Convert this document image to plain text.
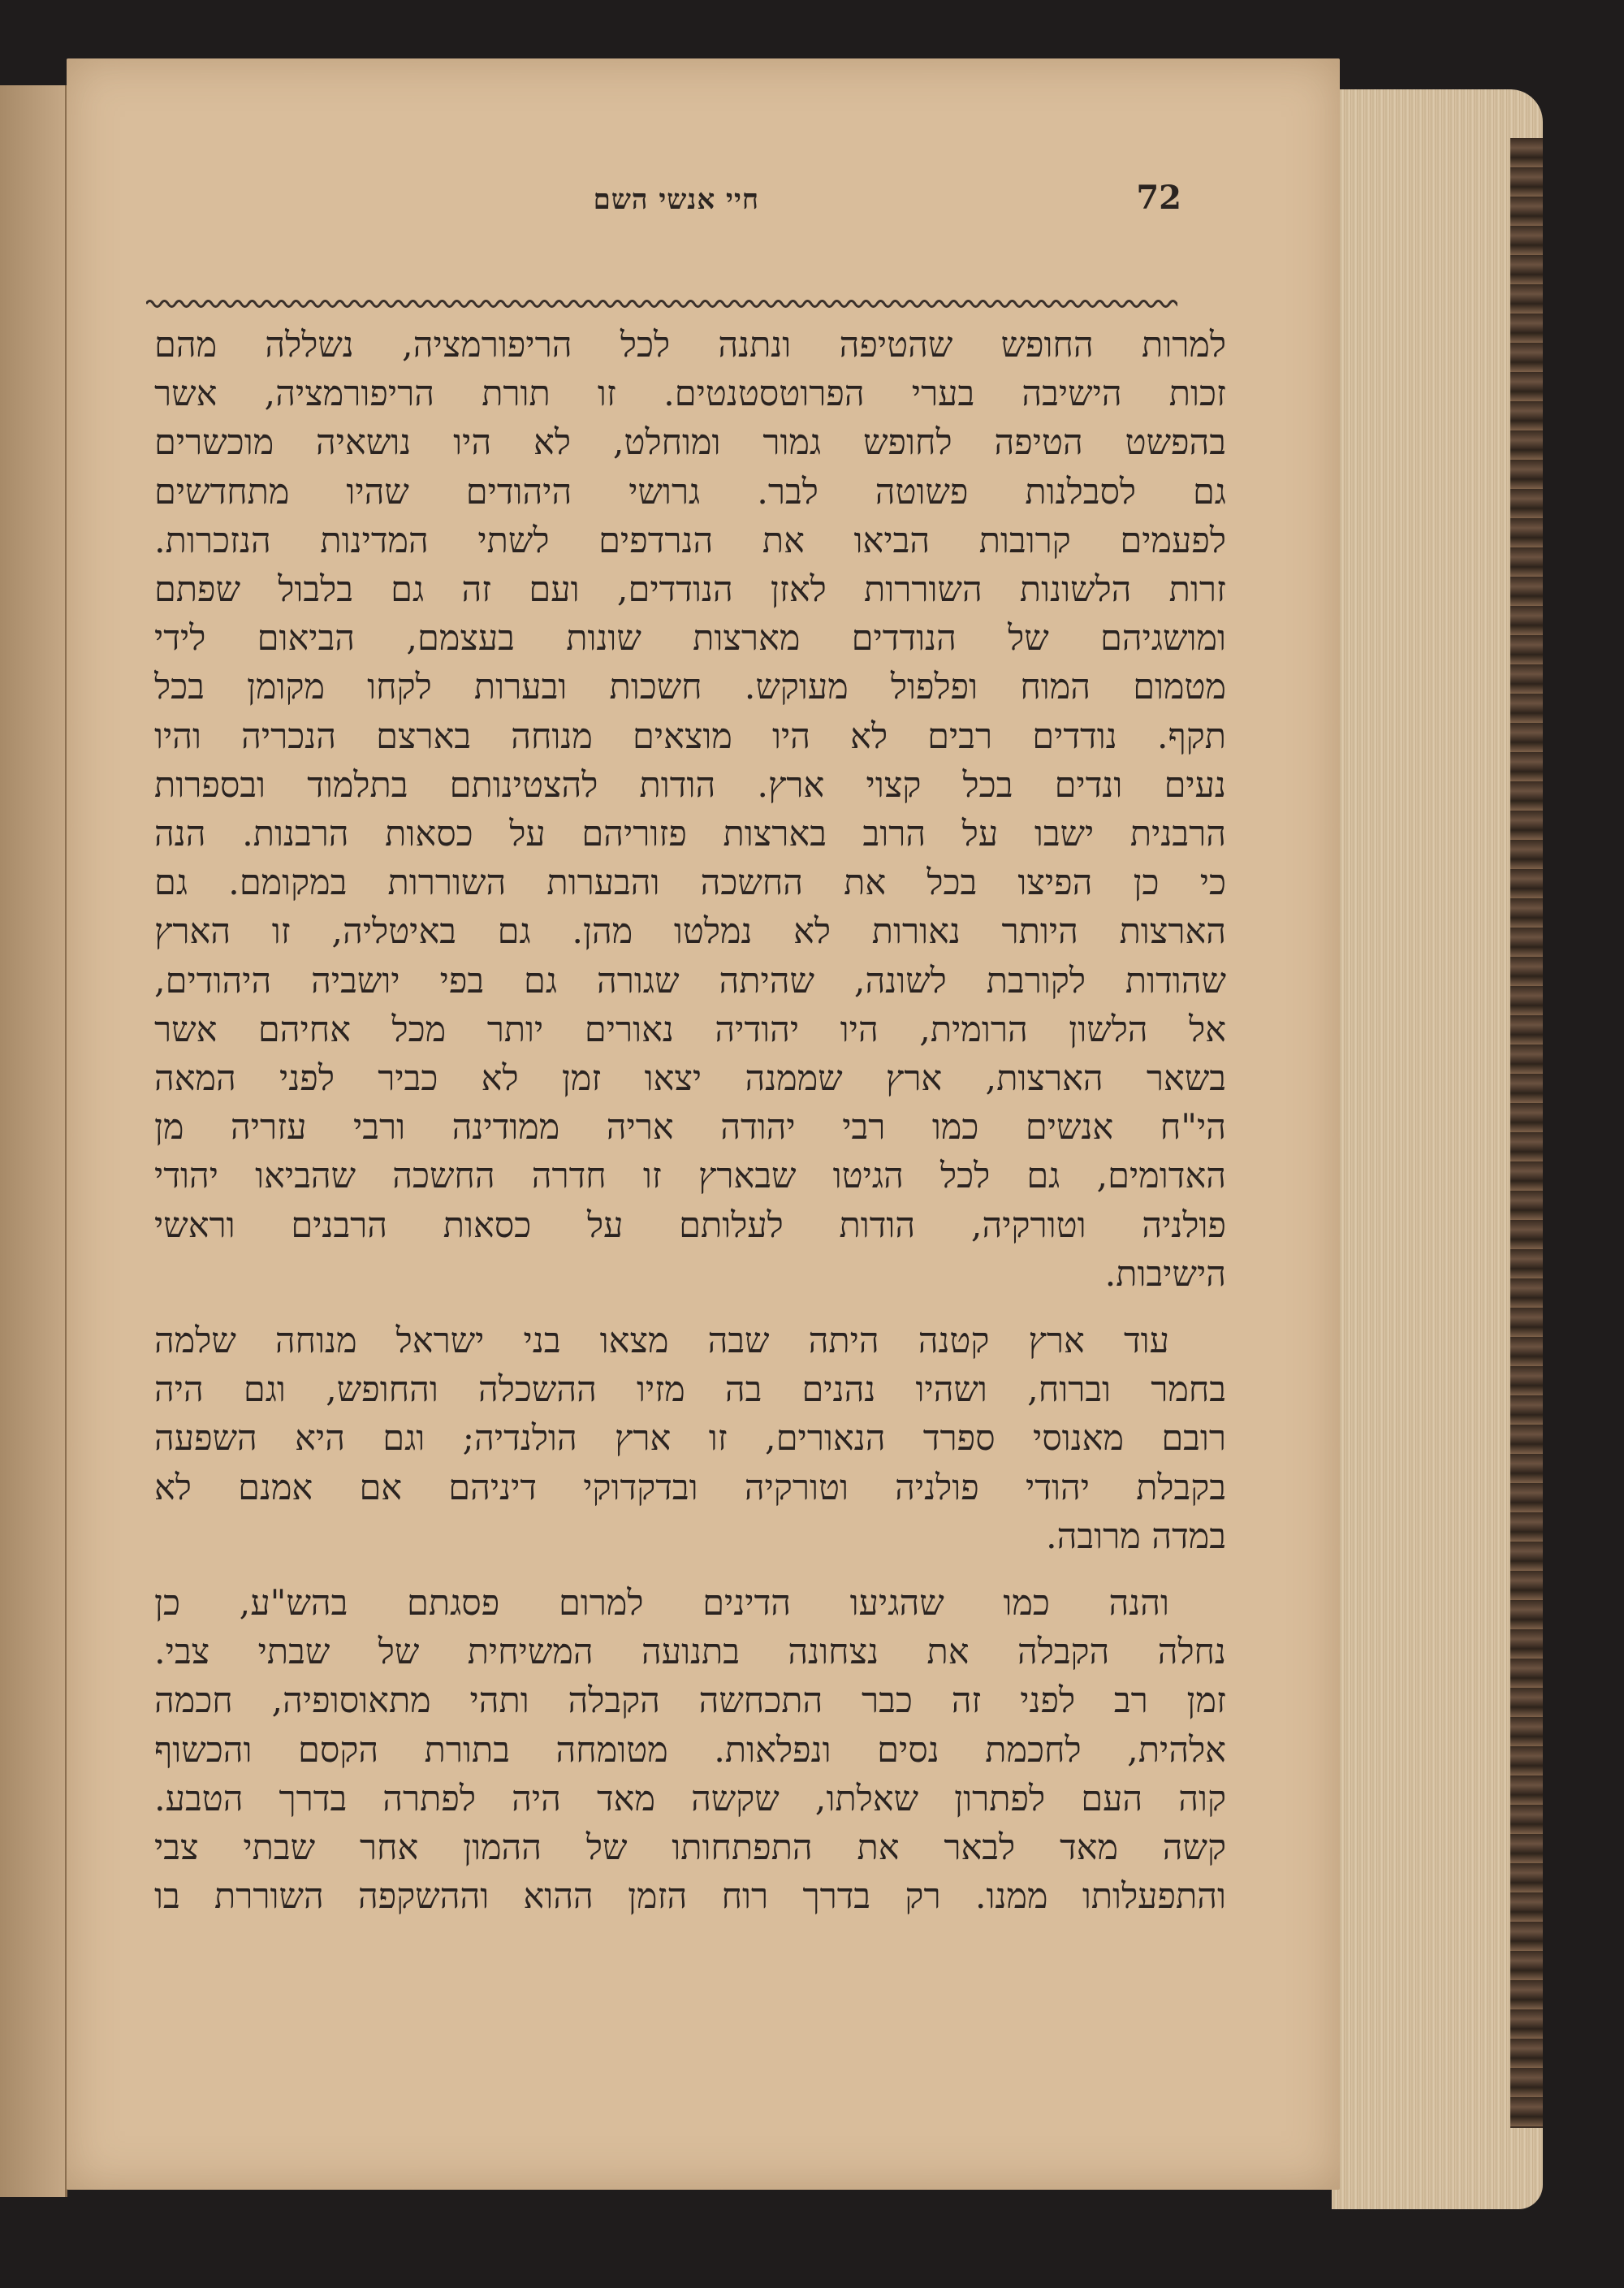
72
חיי אנשי השם
למרות החופש שהטיפה ונתנה לכל הריפורמציה, נשללה מהם
זכות הישיבה בערי הפרוטסטנטים. זו תורת הריפורמציה, אשר
בהפשט הטיפה לחופש גמור ומוחלט, לא היו נושאיה מוכשרים
גם לסבלנות פשוטה לבר. גרושי היהודים שהיו מתחדשים
לפעמים קרובות הביאו את הנרדפים לשתי המדינות הנזכרות.
זרות הלשונות השוררות לאזן הנודדים, ועם זה גם בלבול שפתם
ומושגיהם של הנודדים מארצות שונות בעצמם, הביאום לידי
מטמום המוח ופלפול מעוקש. חשכות ובערות לקחו מקומן בכל
תקף. נודדים רבים לא היו מוצאים מנוחה בארצם הנכריה והיו
נעים ונדים בכל קצוי ארץ. הודות להצטינותם בתלמוד ובספרות
הרבנית ישבו על הרוב בארצות פזוריהם על כסאות הרבנות. הנה
כי כן הפיצו בכל את החשכה והבערות השוררות במקומם. גם
הארצות היותר נאורות לא נמלטו מהן. גם באיטליה, זו הארץ
שהודות לקורבת לשונה, שהיתה שגורה גם בפי יושביה היהודים,
אל הלשון הרומית, היו יהודיה נאורים יותר מכל אחיהם אשר
בשאר הארצות, ארץ שממנה יצאו זמן לא כביר לפני המאה
הי"ח אנשים כמו רבי יהודה אריה ממודינה ורבי עזריה מן
האדומים, גם לכל הגיטו שבארץ זו חדרה החשכה שהביאו יהודי
פולניה וטורקיה, הודות לעלותם על כסאות הרבנים וראשי
הישיבות.
עוד ארץ קטנה היתה שבה מצאו בני ישראל מנוחה שלמה
בחמר וברוח, ושהיו נהנים בה מזיו ההשכלה והחופש, וגם היה
רובם מאנוסי ספרד הנאורים, זו ארץ הולנדיה; וגם היא השפעה
בקבלת יהודי פולניה וטורקיה ובדקדוקי דיניהם אם אמנם לא
במדה מרובה.
והנה כמו שהגיעו הדינים למרום פסגתם בהש"ע, כן
נחלה הקבלה את נצחונה בתנועה המשיחית של שבתי צבי.
זמן רב לפני זה כבר התכחשה הקבלה ותהי מתאוסופיה, חכמה
אלהית, לחכמת נסים ונפלאות. מטומחה בתורת הקסם והכשוף
קוה העם לפתרון שאלתו, שקשה מאד היה לפתרה בדרך הטבע.
קשה מאד לבאר את התפתחותו של ההמון אחר שבתי צבי
והתפעלותו ממנו. רק בדרך רוח הזמן ההוא וההשקפה השוררת בו
